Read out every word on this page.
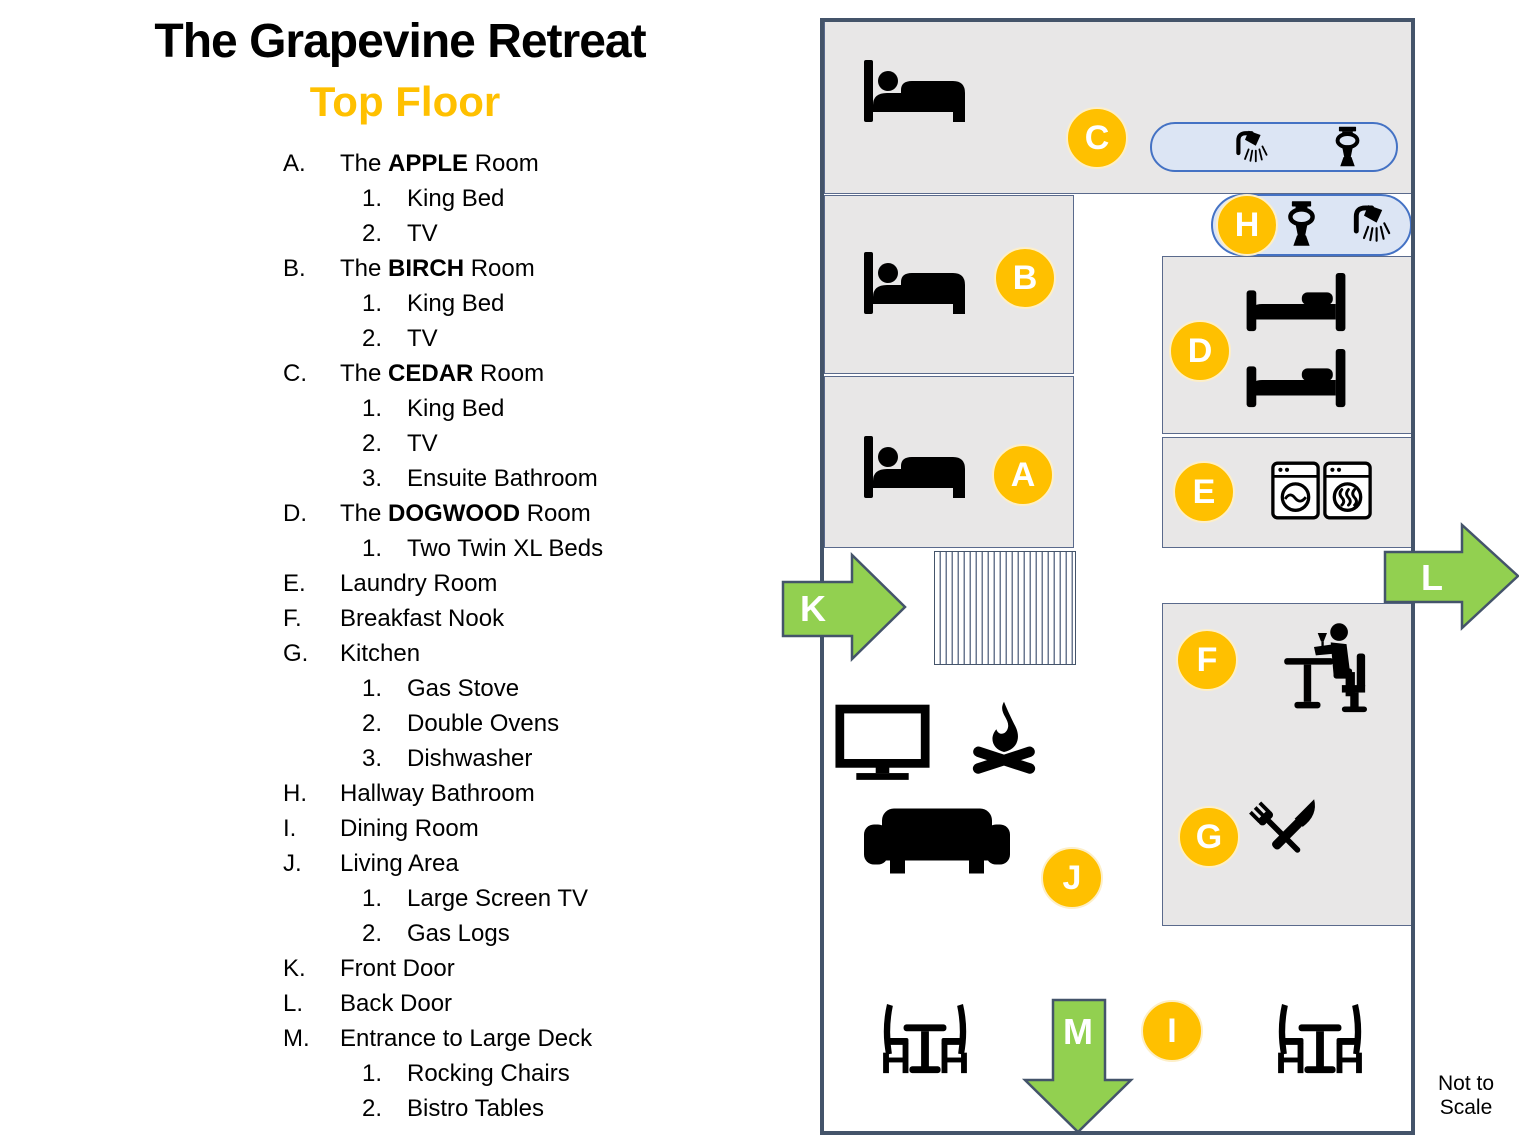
The Grapevine Retreat
Top Floor
A.	The APPLE Room
1.	King Bed
2.	TV
B.	The BIRCH Room
1.	King Bed
2.	TV
C.	The CEDAR Room
1.	King Bed
2.	TV
3.	Ensuite Bathroom
D.	The DOGWOOD Room
1.	Two Twin XL Beds
E.	Laundry Room
F.	Breakfast Nook
G.	Kitchen
1.	Gas Stove
2.	Double Ovens
3.	Dishwasher
H.	Hallway Bathroom
I.	Dining Room
J.	Living Area
1.	Large Screen TV
2.	Gas Logs
K.	Front Door
L.	Back Door
M.	Entrance to Large Deck
1.	Rocking Chairs
2.	Bistro Tables
K
L
M
A
B
C
D
E
F
G
H
I
J
Not to
Scale
